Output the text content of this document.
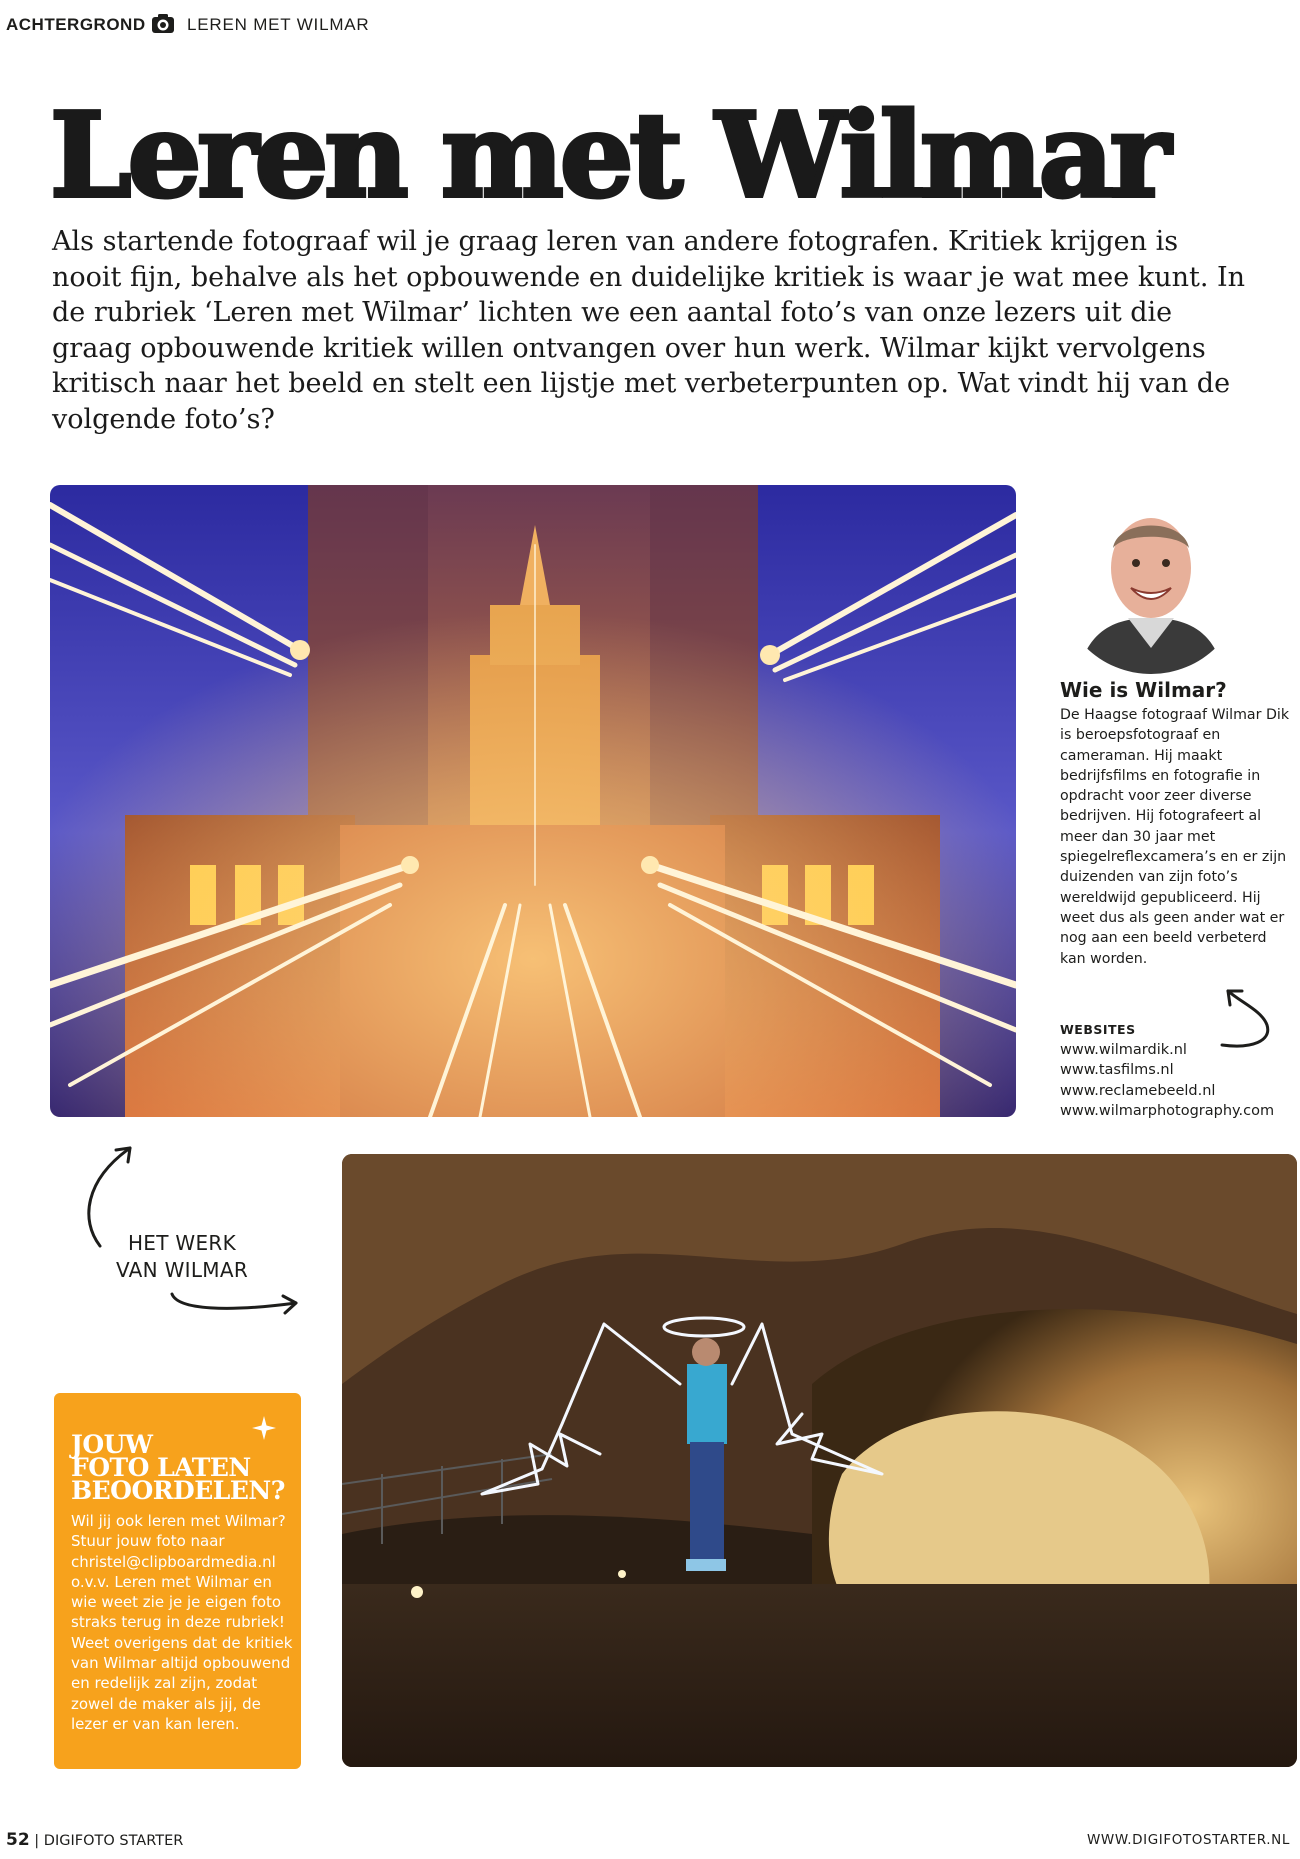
ACHTERGROND LEREN MET WILMAR
Leren met Wilmar

Als startende fotograaf wil je graag leren van andere fotografen. Kritiek krijgen is nooit fijn, behalve als het opbouwende en duidelijke kritiek is waar je wat mee kunt. In de rubriek ‘Leren met Wilmar’ lichten we een aantal foto’s van onze lezers uit die graag opbouwende kritiek willen ontvangen over hun werk. Wilmar kijkt vervolgens kritisch naar het beeld en stelt een lijstje met verbeterpunten op. Wat vindt hij van de volgende foto’s?

Wie is Wilmar?

De Haagse fotograaf Wilmar Dik is beroepsfotograaf en cameraman. Hij maakt bedrijfsfilms en fotografie in opdracht voor zeer diverse bedrijven. Hij fotografeert al meer dan 30 jaar met spiegelreflexcamera’s en er zijn duizenden van zijn foto’s wereldwijd gepubliceerd. Hij weet dus als geen ander wat er nog aan een beeld verbeterd kan worden.

WEBSITES
www.wilmardik.nl
www.tasfilms.nl
www.reclamebeeld.nl
www.wilmarphotography.com
HET WERK
VAN WILMAR
JOUW
FOTO LATEN
BEOORDELEN?

Wil jij ook leren met Wilmar? Stuur jouw foto naar christel@clipboardmedia.nl o.v.v. Leren met Wilmar en wie weet zie je je eigen foto straks terug in deze rubriek! Weet overigens dat de kritiek van Wilmar altijd opbouwend en redelijk zal zijn, zodat zowel de maker als jij, de lezer er van kan leren.

52 | DIGIFOTO STARTER	WWW.DIGIFOTOSTARTER.NL
